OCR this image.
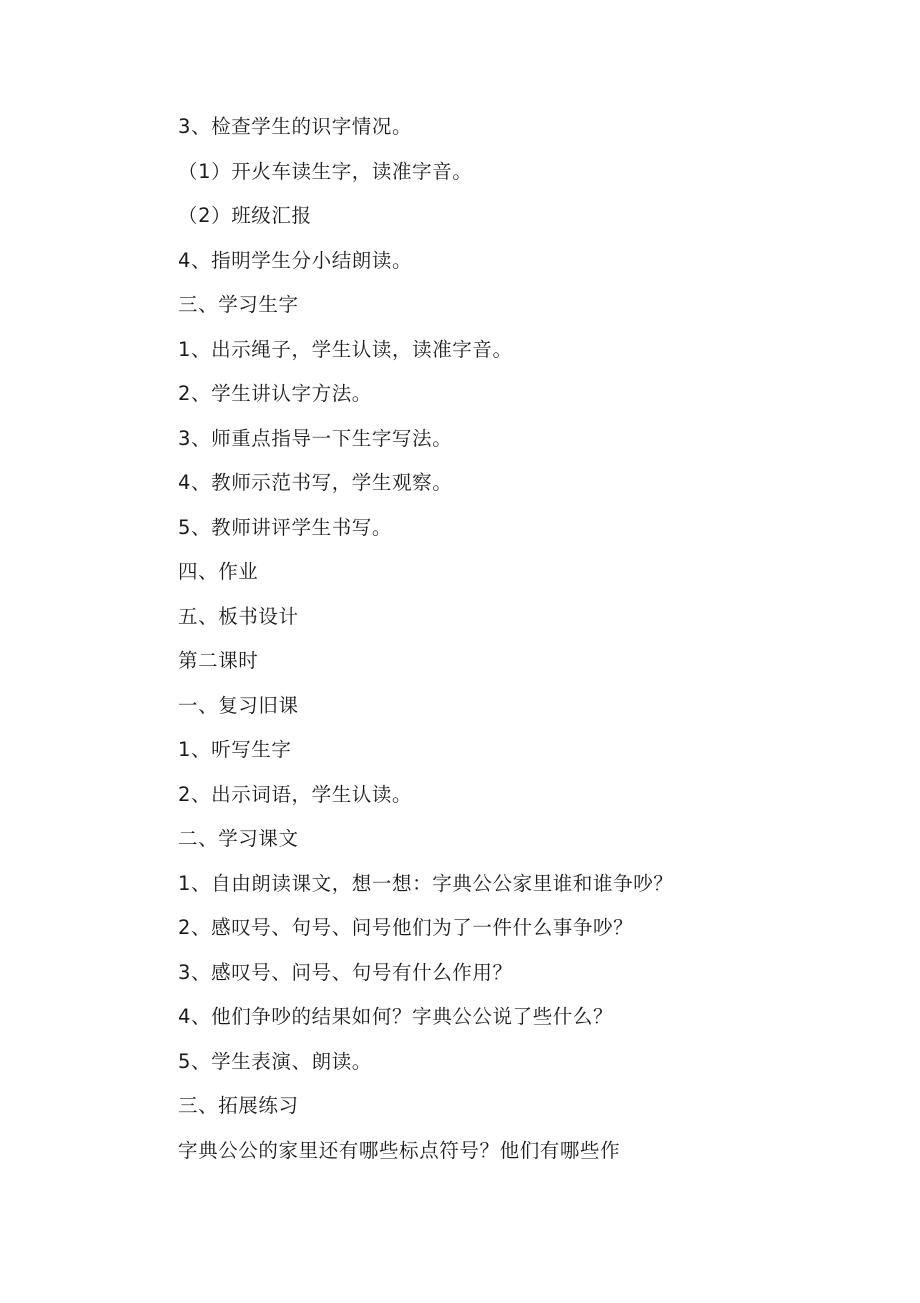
3、检查学生的识字情况。
（1）开火车读生字，读准字音。
（2）班级汇报
4、指明学生分小结朗读。
三、学习生字
1、出示绳子，学生认读，读准字音。
2、学生讲认字方法。
3、师重点指导一下生字写法。
4、教师示范书写，学生观察。
5、教师讲评学生书写。
四、作业
五、板书设计
第二课时
一、复习旧课
1、听写生字
2、出示词语，学生认读。
二、学习课文
1、自由朗读课文，想一想：字典公公家里谁和谁争吵？
2、感叹号、句号、问号他们为了一件什么事争吵？
3、感叹号、问号、句号有什么作用？
4、他们争吵的结果如何？字典公公说了些什么？
5、学生表演、朗读。
三、拓展练习
字典公公的家里还有哪些标点符号？他们有哪些作
